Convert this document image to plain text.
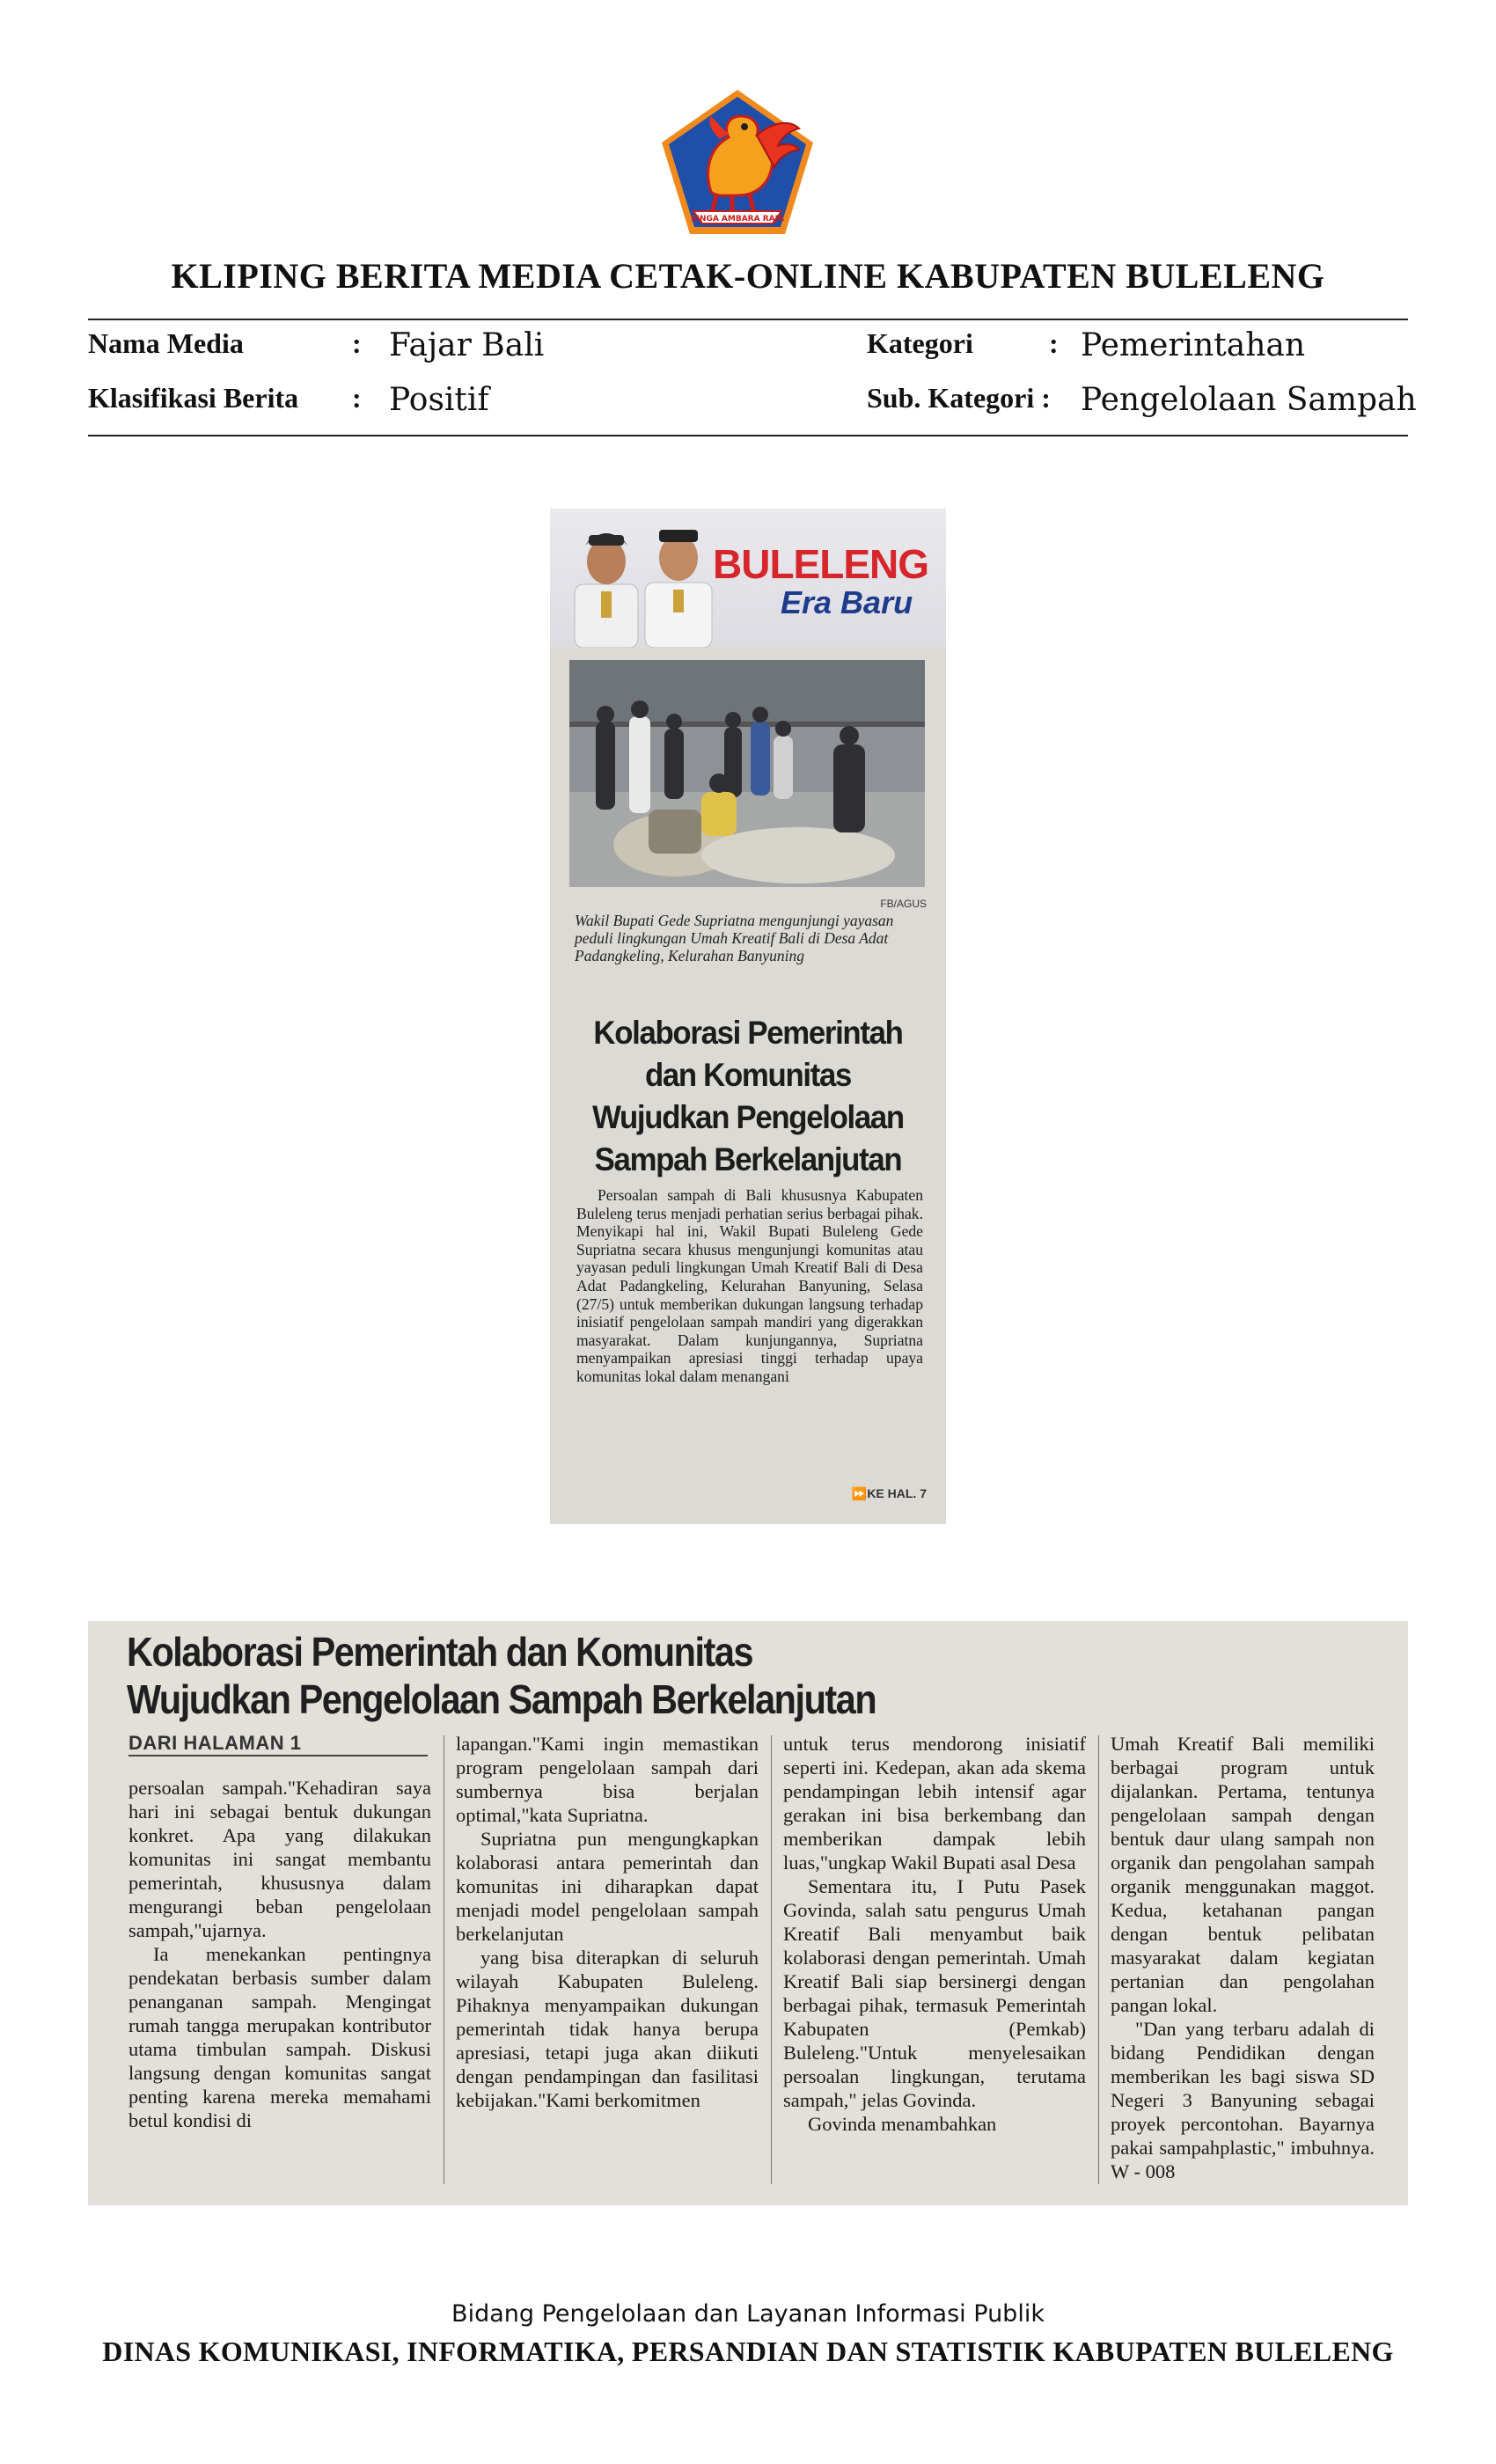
SINGA AMBARA RAJA
KLIPING BERITA MEDIA CETAK-ONLINE KABUPATEN BULELENG
Nama Media	: Fajar Bali	Kategori	: Pemerintahan
Klasifikasi Berita : Positif	Sub. Kategori : Pengelolaan Sampah
BULELENG
Era Baru
FB/AGUS
Wakil Bupati Gede Supriatna mengunjungi yayasan peduli lingkungan Umah Kreatif Bali di Desa Adat Padangkeling, Kelurahan Banyuning
Kolaborasi Pemerintah dan Komunitas Wujudkan Pengelolaan Sampah Berkelanjutan
Persoalan sampah di Bali khususnya Kabupaten Buleleng terus menjadi perhatian serius berbagai pihak. Menyikapi hal ini, Wakil Bupati Buleleng Gede Supriatna secara khusus mengunjungi komunitas atau yayasan peduli lingkungan Umah Kreatif Bali di Desa Adat Padangkeling, Kelurahan Banyuning, Selasa (27/5) untuk memberikan dukungan langsung terhadap inisiatif pengelolaan sampah mandiri yang digerakkan masyarakat. Dalam kunjungannya, Supriatna menyampaikan apresiasi tinggi terhadap upaya komunitas lokal dalam menangani
⏩KE HAL. 7
Kolaborasi Pemerintah dan Komunitas
Wujudkan Pengelolaan Sampah Berkelanjutan
DARI HALAMAN 1

persoalan sampah."Kehadiran saya hari ini sebagai bentuk dukungan konkret. Apa yang dilakukan komunitas ini sangat membantu pemerintah, khususnya dalam mengurangi beban pengelolaan sampah,"ujarnya.

Ia menekankan pentingnya pendekatan berbasis sumber dalam penanganan sampah. Mengingat rumah tangga merupakan kontributor utama timbulan sampah. Diskusi langsung dengan komunitas sangat penting karena mereka memahami betul kondisi di

lapangan."Kami ingin memastikan program pengelolaan sampah dari sumbernya bisa berjalan optimal,"kata Supriatna.

Supriatna pun mengungkapkan kolaborasi antara pemerintah dan komunitas ini diharapkan dapat menjadi model pengelolaan sampah berkelanjutan

yang bisa diterapkan di seluruh wilayah Kabupaten Buleleng. Pihaknya menyampaikan dukungan pemerintah tidak hanya berupa apresiasi, tetapi juga akan diikuti dengan pendampingan dan fasilitasi kebijakan."Kami berkomitmen

untuk terus mendorong inisiatif seperti ini. Kedepan, akan ada skema pendampingan lebih intensif agar gerakan ini bisa berkembang dan memberikan dampak lebih luas,"ungkap Wakil Bupati asal Desa

Sementara itu, I Putu Pasek Govinda, salah satu pengurus Umah Kreatif Bali menyambut baik kolaborasi dengan pemerintah. Umah Kreatif Bali siap bersinergi dengan berbagai pihak, termasuk Pemerintah Kabupaten (Pemkab) Buleleng."Untuk menyelesaikan persoalan lingkungan, terutama sampah," jelas Govinda.

Govinda menambahkan

Umah Kreatif Bali memiliki berbagai program untuk dijalankan. Pertama, tentunya pengelolaan sampah dengan bentuk daur ulang sampah non organik dan pengolahan sampah organik menggunakan maggot. Kedua, ketahanan pangan dengan bentuk pelibatan masyarakat dalam kegiatan pertanian dan pengolahan pangan lokal.

"Dan yang terbaru adalah di bidang Pendidikan dengan memberikan les bagi siswa SD Negeri 3 Banyuning sebagai proyek percontohan. Bayarnya pakai sampahplastic," imbuhnya. W - 008

Bidang Pengelolaan dan Layanan Informasi Publik
DINAS KOMUNIKASI, INFORMATIKA, PERSANDIAN DAN STATISTIK KABUPATEN BULELENG
